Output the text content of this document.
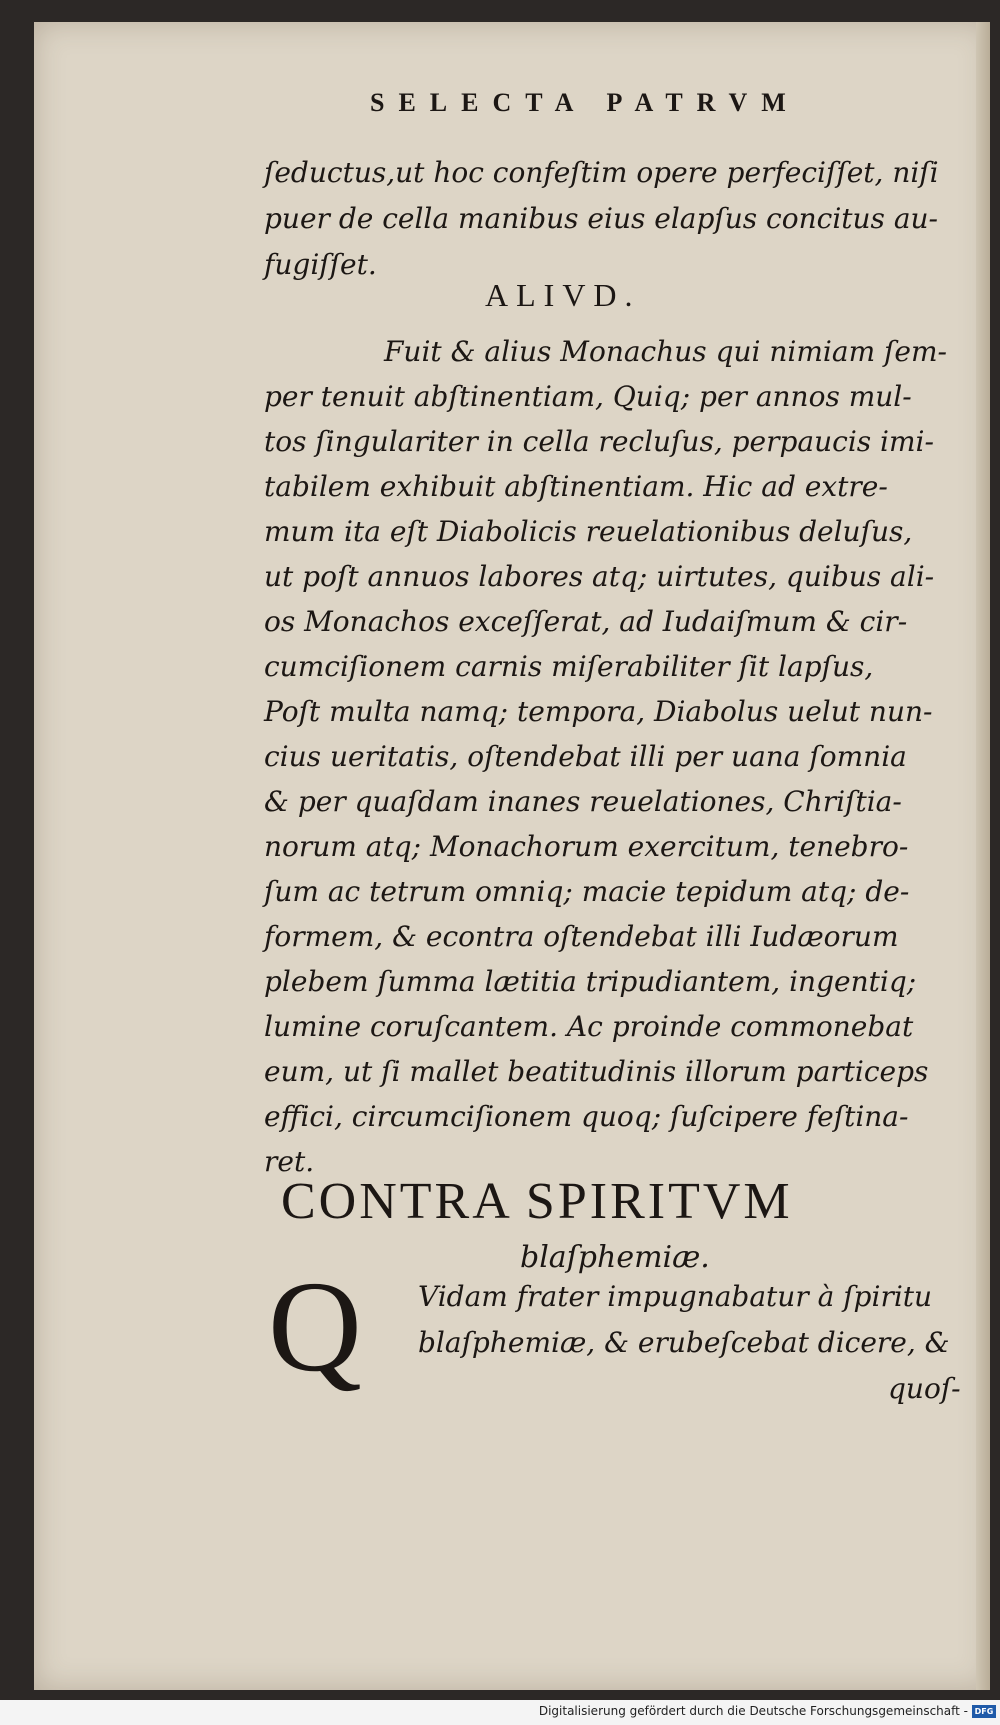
SELECTA PATRVM
ſeductus,ut hoc confeſtim opere perfeciſſet, niſi
puer de cella manibus eius elapſus concitus au-
fugiſſet.
ALIVD.
Fuit & alius Monachus qui nimiam ſem-
per tenuit abſtinentiam, Quiq; per annos mul-
tos ſingulariter in cella recluſus, perpaucis imi-
tabilem exhibuit abſtinentiam. Hic ad extre-
mum ita eſt Diabolicis reuelationibus deluſus,
ut poſt annuos labores atq; uirtutes, quibus ali-
os Monachos exceſſerat, ad Iudaiſmum & cir-
cumciſionem carnis miſerabiliter ſit lapſus,
Poſt multa namq; tempora, Diabolus uelut nun-
cius ueritatis, oſtendebat illi per uana ſomnia
& per quaſdam inanes reuelationes, Chriſtia-
norum atq; Monachorum exercitum, tenebro-
ſum ac tetrum omniq; macie tepidum atq; de-
formem, & econtra oſtendebat illi Iudæorum
plebem ſumma lætitia tripudiantem, ingentiq;
lumine coruſcantem. Ac proinde commonebat
eum, ut ſi mallet beatitudinis illorum particeps
effici, circumciſionem quoq; ſuſcipere feſtina-
ret.
CONTRA SPIRITVM
blaſphemiæ.
Q Vidam frater impugnabatur à ſpiritu
blaſphemiæ, & erubeſcebat dicere, &
quoſ-
Digitalisierung gefördert durch die Deutsche Forschungsgemeinschaft - DFG
